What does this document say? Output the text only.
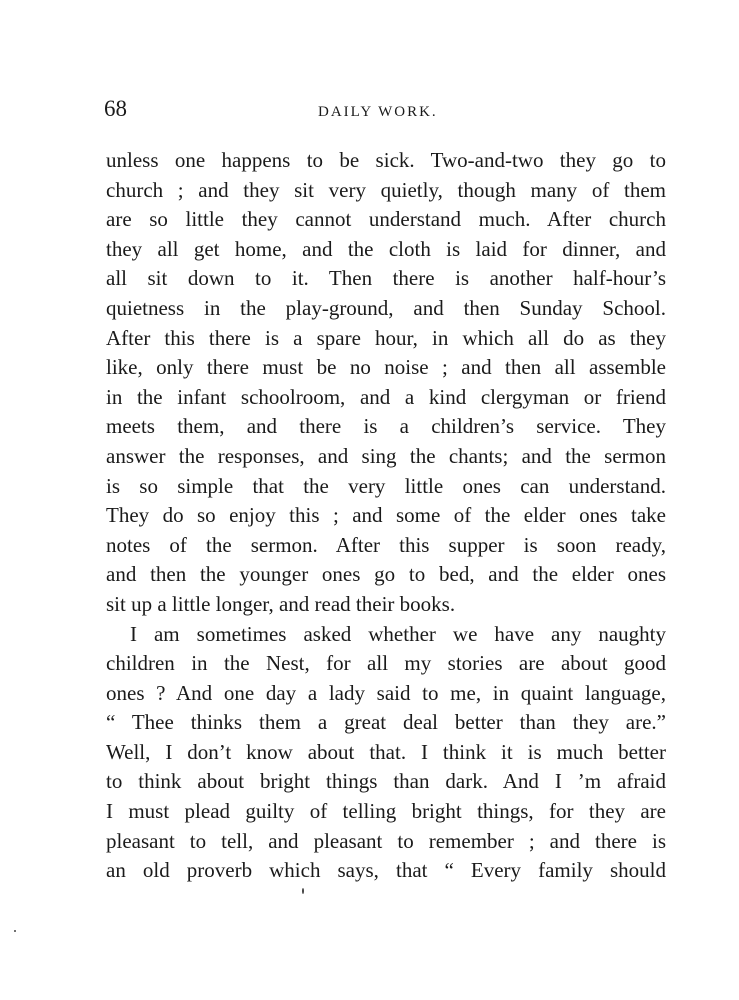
68	DAILY WORK.
unless one happens to be sick. Two-and-two they go to
church ; and they sit very quietly, though many of them
are so little they cannot understand much. After church
they all get home, and the cloth is laid for dinner, and
all sit down to it. Then there is another half-hour’s
quietness in the play-ground, and then Sunday School.
After this there is a spare hour, in which all do as they
like, only there must be no noise ; and then all assemble
in the infant schoolroom, and a kind clergyman or friend
meets them, and there is a children’s service. They
answer the responses, and sing the chants; and the sermon
is so simple that the very little ones can understand.
They do so enjoy this ; and some of the elder ones take
notes of the sermon. After this supper is soon ready,
and then the younger ones go to bed, and the elder ones
sit up a little longer, and read their books.
I am sometimes asked whether we have any naughty
children in the Nest, for all my stories are about good
ones ? And one day a lady said to me, in quaint language,
“ Thee thinks them a great deal better than they are.”
Well, I don’t know about that. I think it is much better
to think about bright things than dark. And I ’m afraid
I must plead guilty of telling bright things, for they are
pleasant to tell, and pleasant to remember ; and there is
an old proverb which says, that “ Every family should
